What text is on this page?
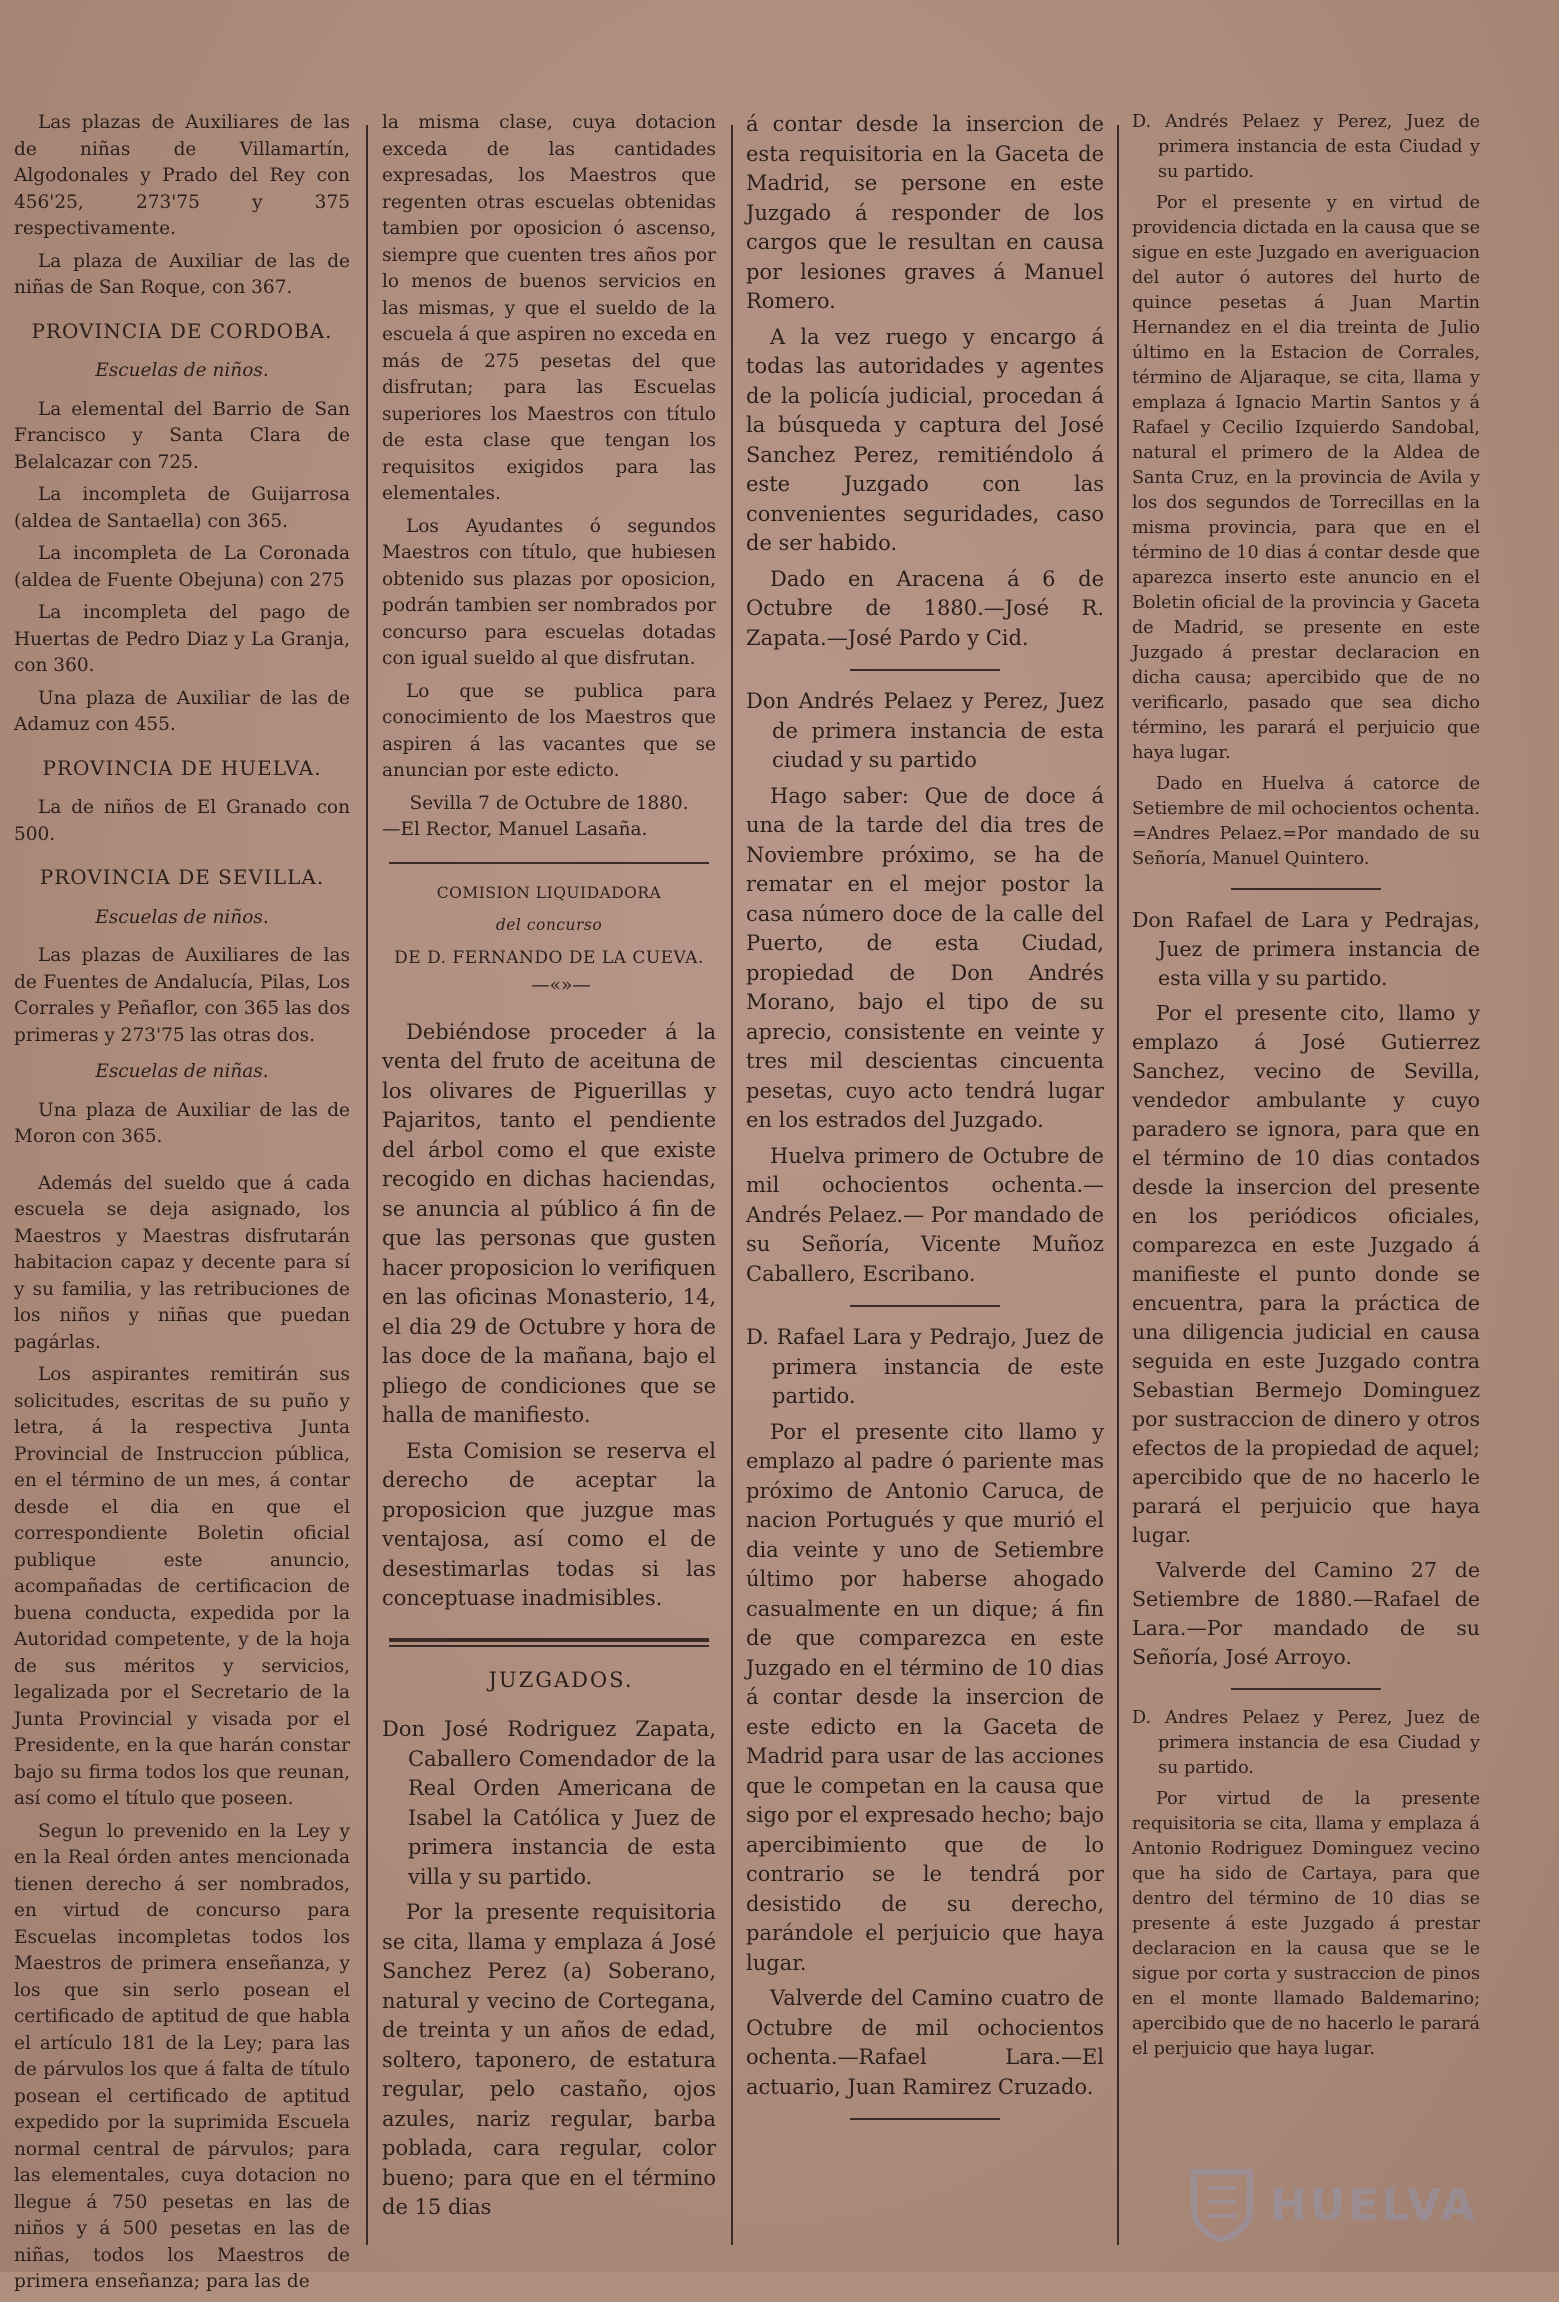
Las plazas de Auxiliares de las de niñas de Villamartín, Algodonales y Prado del Rey con 456'25, 273'75 y 375 respectivamente.

La plaza de Auxiliar de las de niñas de San Roque, con 367.

PROVINCIA DE CORDOBA.
Escuelas de niños.

La elemental del Barrio de San Francisco y Santa Clara de Belalcazar con 725.

La incompleta de Guijarrosa (aldea de Santaella) con 365.

La incompleta de La Coronada (aldea de Fuente Obejuna) con 275

La incompleta del pago de Huertas de Pedro Diaz y La Granja, con 360.

Una plaza de Auxiliar de las de Adamuz con 455.

PROVINCIA DE HUELVA.

La de niños de El Granado con 500.

PROVINCIA DE SEVILLA.
Escuelas de niños.

Las plazas de Auxiliares de las de Fuentes de Andalucía, Pilas, Los Corrales y Peñaflor, con 365 las dos primeras y 273'75 las otras dos.

Escuelas de niñas.

Una plaza de Auxiliar de las de Moron con 365.

Además del sueldo que á cada escuela se deja asignado, los Maestros y Maestras disfrutarán habitacion capaz y decente para sí y su familia, y las retribuciones de los niños y niñas que puedan pagárlas.

Los aspirantes remitirán sus solicitudes, escritas de su puño y letra, á la respectiva Junta Provincial de Instruccion pública, en el término de un mes, á contar desde el dia en que el correspondiente Boletin oficial publique este anuncio, acompañadas de certificacion de buena conducta, expedida por la Autoridad competente, y de la hoja de sus méritos y servicios, legalizada por el Secretario de la Junta Provincial y visada por el Presidente, en la que harán constar bajo su firma todos los que reunan, así como el título que poseen.

Segun lo prevenido en la Ley y en la Real órden antes mencionada tienen derecho á ser nombrados, en virtud de concurso para Escuelas incompletas todos los Maestros de primera enseñanza, y los que sin serlo posean el certificado de aptitud de que habla el artículo 181 de la Ley; para las de párvulos los que á falta de título posean el certificado de aptitud expedido por la suprimida Escuela normal central de párvulos; para las elementales, cuya dotacion no llegue á 750 pesetas en las de niños y á 500 pesetas en las de niñas, todos los Maestros de primera enseñanza; para las de

la misma clase, cuya dotacion exceda de las cantidades expresadas, los Maestros que regenten otras escuelas obtenidas tambien por oposicion ó ascenso, siempre que cuenten tres años por lo menos de buenos servicios en las mismas, y que el sueldo de la escuela á que aspiren no exceda en más de 275 pesetas del que disfrutan; para las Escuelas superiores los Maestros con título de esta clase que tengan los requisitos exigidos para las elementales.

Los Ayudantes ó segundos Maestros con título, que hubiesen obtenido sus plazas por oposicion, podrán tambien ser nombrados por concurso para escuelas dotadas con igual sueldo al que disfrutan.

Lo que se publica para conocimiento de los Maestros que aspiren á las vacantes que se anuncian por este edicto.

Sevilla 7 de Octubre de 1880.

—El Rector, Manuel Lasaña.

COMISION LIQUIDADORA

del concurso

DE D. FERNANDO DE LA CUEVA.

—«»—

Debiéndose proceder á la venta del fruto de aceituna de los olivares de Piguerillas y Pajaritos, tanto el pendiente del árbol como el que existe recogido en dichas haciendas, se anuncia al público á fin de que las personas que gusten hacer proposicion lo verifiquen en las oficinas Monasterio, 14, el dia 29 de Octubre y hora de las doce de la mañana, bajo el pliego de condiciones que se halla de manifiesto.

Esta Comision se reserva el derecho de aceptar la proposicion que juzgue mas ventajosa, así como el de desestimarlas todas si las conceptuase inadmisibles.

JUZGADOS.

Don José Rodriguez Zapata, Caballero Comendador de la Real Orden Americana de Isabel la Católica y Juez de primera instancia de esta villa y su partido.

Por la presente requisitoria se cita, llama y emplaza á José Sanchez Perez (a) Soberano, natural y vecino de Cortegana, de treinta y un años de edad, soltero, taponero, de estatura regular, pelo castaño, ojos azules, nariz regular, barba poblada, cara regular, color bueno; para que en el término de 15 dias

á contar desde la insercion de esta requisitoria en la Gaceta de Madrid, se persone en este Juzgado á responder de los cargos que le resultan en causa por lesiones graves á Manuel Romero.

A la vez ruego y encargo á todas las autoridades y agentes de la policía judicial, procedan á la búsqueda y captura del José Sanchez Perez, remitiéndolo á este Juzgado con las convenientes seguridades, caso de ser habido.

Dado en Aracena á 6 de Octubre de 1880.—José R. Zapata.—José Pardo y Cid.

Don Andrés Pelaez y Perez, Juez de primera instancia de esta ciudad y su partido

Hago saber: Que de doce á una de la tarde del dia tres de Noviembre próximo, se ha de rematar en el mejor postor la casa número doce de la calle del Puerto, de esta Ciudad, propiedad de Don Andrés Morano, bajo el tipo de su aprecio, consistente en veinte y tres mil descientas cincuenta pesetas, cuyo acto tendrá lugar en los estrados del Juzgado.

Huelva primero de Octubre de mil ochocientos ochenta.— Andrés Pelaez.— Por mandado de su Señoría, Vicente Muñoz Caballero, Escribano.

D. Rafael Lara y Pedrajo, Juez de primera instancia de este partido.

Por el presente cito llamo y emplazo al padre ó pariente mas próximo de Antonio Caruca, de nacion Portugués y que murió el dia veinte y uno de Setiembre último por haberse ahogado casualmente en un dique; á fin de que comparezca en este Juzgado en el término de 10 dias á contar desde la insercion de este edicto en la Gaceta de Madrid para usar de las acciones que le competan en la causa que sigo por el expresado hecho; bajo apercibimiento que de lo contrario se le tendrá por desistido de su derecho, parándole el perjuicio que haya lugar.

Valverde del Camino cuatro de Octubre de mil ochocientos ochenta.—Rafael Lara.—El actuario, Juan Ramirez Cruzado.

D. Andrés Pelaez y Perez, Juez de primera instancia de esta Ciudad y su partido.

Por el presente y en virtud de providencia dictada en la causa que se sigue en este Juzgado en averiguacion del autor ó autores del hurto de quince pesetas á Juan Martin Hernandez en el dia treinta de Julio último en la Estacion de Corrales, término de Aljaraque, se cita, llama y emplaza á Ignacio Martin Santos y á Rafael y Cecilio Izquierdo Sandobal, natural el primero de la Aldea de Santa Cruz, en la provincia de Avila y los dos segundos de Torrecillas en la misma provincia, para que en el término de 10 dias á contar desde que aparezca inserto este anuncio en el Boletin oficial de la provincia y Gaceta de Madrid, se presente en este Juzgado á prestar declaracion en dicha causa; apercibido que de no verificarlo, pasado que sea dicho término, les parará el perjuicio que haya lugar.

Dado en Huelva á catorce de Setiembre de mil ochocientos ochenta. =Andres Pelaez.=Por mandado de su Señoría, Manuel Quintero.

Don Rafael de Lara y Pedrajas, Juez de primera instancia de esta villa y su partido.

Por el presente cito, llamo y emplazo á José Gutierrez Sanchez, vecino de Sevilla, vendedor ambulante y cuyo paradero se ignora, para que en el término de 10 dias contados desde la insercion del presente en los periódicos oficiales, comparezca en este Juzgado á manifieste el punto donde se encuentra, para la práctica de una diligencia judicial en causa seguida en este Juzgado contra Sebastian Bermejo Dominguez por sustraccion de dinero y otros efectos de la propiedad de aquel; apercibido que de no hacerlo le parará el perjuicio que haya lugar.

Valverde del Camino 27 de Setiembre de 1880.—Rafael de Lara.—Por mandado de su Señoría, José Arroyo.

D. Andres Pelaez y Perez, Juez de primera instancia de esa Ciudad y su partido.

Por virtud de la presente requisitoria se cita, llama y emplaza á Antonio Rodriguez Dominguez vecino que ha sido de Cartaya, para que dentro del término de 10 dias se presente á este Juzgado á prestar declaracion en la causa que se le sigue por corta y sustraccion de pinos en el monte llamado Baldemarino; apercibido que de no hacerlo le parará el perjuicio que haya lugar.

HUELVA
